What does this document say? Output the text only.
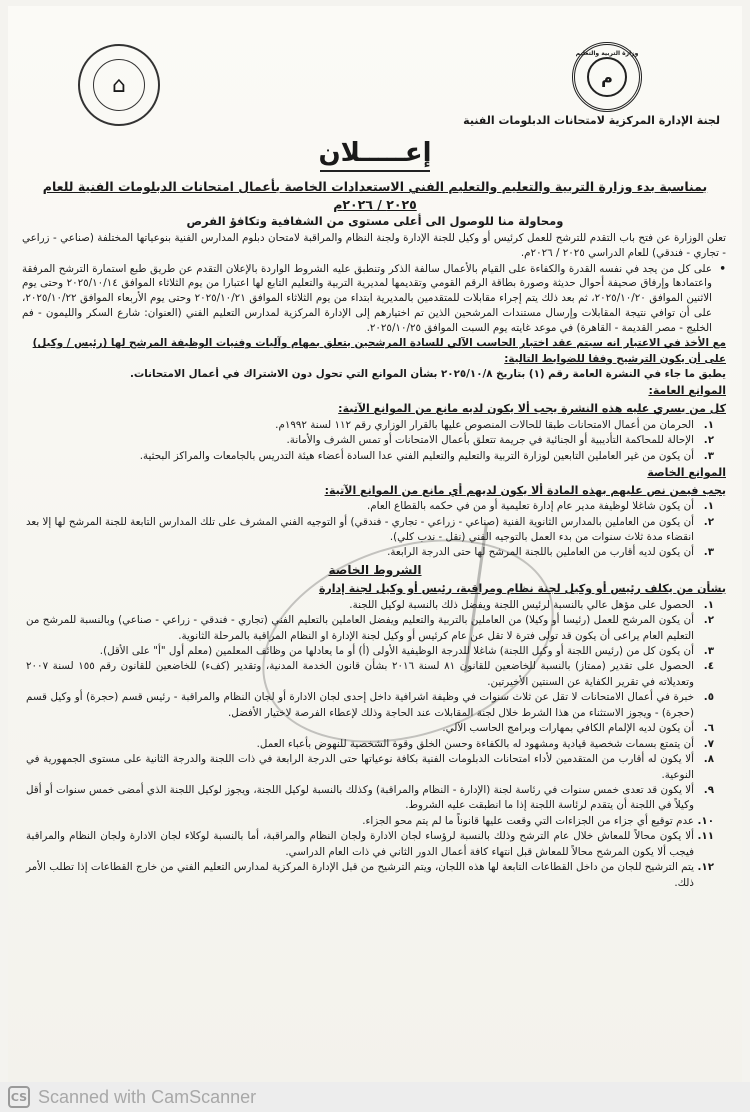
وزارة التربية والتعليم
م
⌂
لجنة الإدارة المركزية لامتحانات الدبلومات الفنية
إعـــــلان
بمناسبة بدء وزارة التربية والتعليم والتعليم الفني الاستعدادات الخاصة بأعمال امتحانات الدبلومات الفنية للعام ٢٠٢٥ / ٢٠٢٦م
ومحاولة منا للوصول الى أعلى مستوى من الشفافية وتكافؤ الفرص
تعلن الوزارة عن فتح باب التقدم للترشح للعمل كرئيس أو وكيل للجنة الإدارة ولجنة النظام والمراقبة لامتحان دبلوم المدارس الفنية بنوعياتها المختلفة (صناعي - زراعي - تجاري - فندقي) للعام الدراسي ٢٠٢٥ / ٢٠٢٦م.
•
على كل من يجد في نفسه القدرة والكفاءة على القيام بالأعمال سالفة الذكر وتنطبق عليه الشروط الواردة بالإعلان التقدم عن طريق طبع استمارة الترشح المرفقة واعتمادها وإرفاق صحيفة أحوال حديثة وصورة بطاقة الرقم القومي وتقديمها لمديرية التربية والتعليم التابع لها اعتبارا من يوم الثلاثاء الموافق ٢٠٢٥/١٠/١٤ وحتى يوم الاثنين الموافق ٢٠٢٥/١٠/٢٠، ثم بعد ذلك يتم إجراء مقابلات للمتقدمين بالمديرية ابتداء من يوم الثلاثاء الموافق ٢٠٢٥/١٠/٢١ وحتى يوم الأربعاء الموافق ٢٠٢٥/١٠/٢٢، على أن توافي نتيجة المقابلات وإرسال مستندات المرشحين الذين تم اختيارهم إلى الإدارة المركزية لمدارس التعليم الفني (العنوان: شارع السكر والليمون - فم الخليج - مصر القديمة - القاهرة) في موعد غايته يوم السبت الموافق ٢٠٢٥/١٠/٢٥.
مع الأخذ في الاعتبار انه سيتم عقد اختبار الحاسب الآلي للسادة المرشحين يتعلق بمهام وآليات وفنيات الوظيفة المرشح لها (رئيس / وكيل)
على أن يكون الترشيح وفقا للضوابط التالية:
يطبق ما جاء في النشرة العامة رقم (١) بتاريخ ٢٠٢٥/١٠/٨ بشأن الموانع التي تحول دون الاشتراك في أعمال الامتحانات.
الموانع العامة:
كل من يسري عليه هذه النشرة يجب ألا يكون لديه مانع من الموانع الآتية:
١.
الحرمان من أعمال الامتحانات طبقا للحالات المنصوص عليها بالقرار الوزاري رقم ١١٢ لسنة ١٩٩٢م.
٢.
الإحالة للمحاكمة التأديبية أو الجنائية في جريمة تتعلق بأعمال الامتحانات أو تمس الشرف والأمانة.
٣.
أن يكون من غير العاملين التابعين لوزارة التربية والتعليم والتعليم الفني عدا السادة أعضاء هيئة التدريس بالجامعات والمراكز البحثية.
الموانع الخاصة
يجب فيمن نص عليهم بهذه المادة ألا يكون لديهم أي مانع من الموانع الآتية:
١.
أن يكون شاغلا لوظيفة مدير عام إدارة تعليمية أو من في حكمه بالقطاع العام.
٢.
أن يكون من العاملين بالمدارس الثانوية الفنية (صناعي - زراعي - تجاري - فندقي) أو التوجيه الفني المشرف على تلك المدارس التابعة للجنة المرشح لها إلا بعد انقضاء مدة ثلاث سنوات من بدء العمل بالتوجيه الفني (نقل - ندب كلي).
٣.
أن يكون لديه أقارب من العاملين باللجنة المرشح لها حتى الدرجة الرابعة.
الشروط الخاصة
بشأن من يكلف رئيس أو وكيل لجنة نظام ومراقبة، رئيس أو وكيل لجنة إدارة
١.
الحصول على مؤهل عالي بالنسبة لرئيس اللجنة ويفضل ذلك بالنسبة لوكيل اللجنة.
٢.
أن يكون المرشح للعمل (رئيسا أو وكيلا) من العاملين بالتربية والتعليم ويفضل العاملين بالتعليم الفني (تجاري - فندقي - زراعي - صناعي) وبالنسبة للمرشح من التعليم العام يراعى أن يكون قد تولى فترة لا تقل عن عام كرئيس أو وكيل لجنة الإدارة او النظام المراقبة بالمرحلة الثانوية.
٣.
أن يكون كل من (رئيس اللجنة أو وكيل اللجنة) شاغلا للدرجة الوظيفية الأولى (أ) أو ما يعادلها من وظائف المعلمين (معلم أول "أ" على الأقل).
٤.
الحصول على تقدير (ممتاز) بالنسبة للخاضعين للقانون ٨١ لسنة ٢٠١٦ بشأن قانون الخدمة المدنية، وتقدير (كفء) للخاضعين للقانون رقم ١٥٥ لسنة ٢٠٠٧ وتعديلاته في تقرير الكفاية عن السنتين الأخيرتين.
٥.
خبرة في أعمال الامتحانات لا تقل عن ثلاث سنوات في وظيفة اشرافية داخل إحدى لجان الادارة أو لجان النظام والمراقبة - رئيس قسم (حجرة) أو وكيل قسم (حجرة) - ويجوز الاستثناء من هذا الشرط خلال لجنة المقابلات عند الحاجة وذلك لإعطاء الفرصة لاختيار الأفضل.
٦.
أن يكون لديه الإلمام الكافي بمهارات وبرامج الحاسب الآلي.
٧.
أن يتمتع بسمات شخصية قيادية ومشهود له بالكفاءة وحسن الخلق وقوة الشخصية للنهوض بأعباء العمل.
٨.
ألا يكون له أقارب من المتقدمين لأداء امتحانات الدبلومات الفنية بكافة نوعياتها حتى الدرجة الرابعة في ذات اللجنة والدرجة الثانية على مستوى الجمهورية في النوعية.
٩.
ألا يكون قد تعدى خمس سنوات في رئاسة لجنة (الإدارة - النظام والمراقبة) وكذلك بالنسبة لوكيل اللجنة، ويجوز لوكيل اللجنة الذي أمضى خمس سنوات أو أقل وكيلاً في اللجنة أن يتقدم لرئاسة اللجنة إذا ما انطبقت عليه الشروط.
١٠.
عدم توقيع أي جزاء من الجزاءات التي وقعت عليها قانوناً ما لم يتم محو الجزاء.
١١.
ألا يكون محالاً للمعاش خلال عام الترشح وذلك بالنسبة لرؤساء لجان الادارة ولجان النظام والمراقبة، أما بالنسبة لوكلاء لجان الادارة ولجان النظام والمراقبة فيجب ألا يكون المرشح محالاً للمعاش قبل انتهاء كافة أعمال الدور الثاني في ذات العام الدراسي.
١٢.
يتم الترشيح للجان من داخل القطاعات التابعة لها هذه اللجان، ويتم الترشيح من قبل الإدارة المركزية لمدارس التعليم الفني من خارج القطاعات إذا تطلب الأمر ذلك.
CS Scanned with CamScanner
